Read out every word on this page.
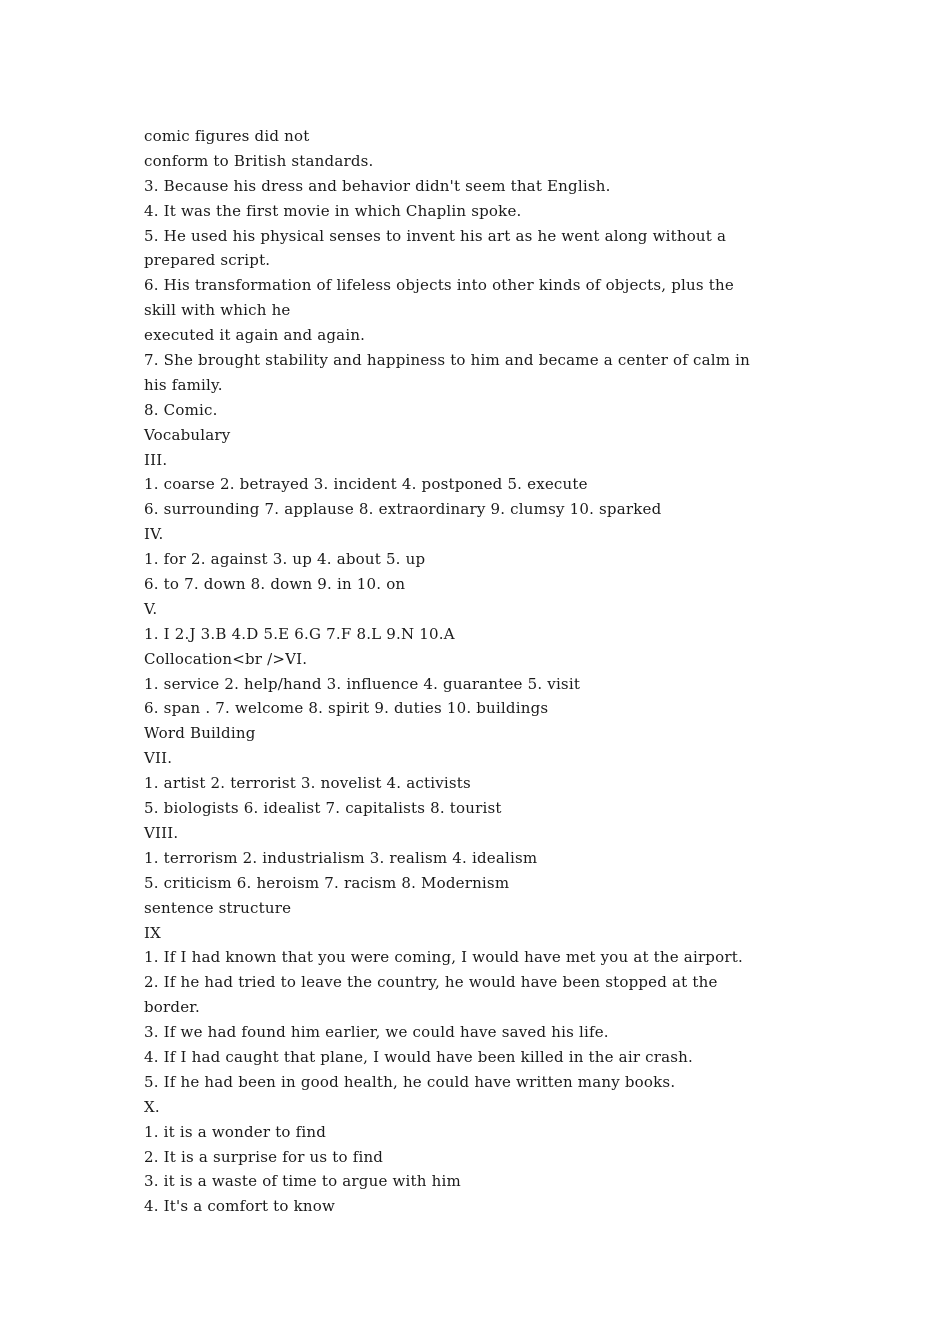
comic figures did not
conform to British standards.
3. Because his dress and behavior didn't seem that English.
4. It was the first movie in which Chaplin spoke.
5. He used his physical senses to invent his art as he went along without a
prepared script.
6. His transformation of lifeless objects into other kinds of objects, plus the
skill with which he
executed it again and again.
7. She brought stability and happiness to him and became a center of calm in
his family.
8. Comic.
Vocabulary
III.
1. coarse 2. betrayed 3. incident 4. postponed 5. execute
6. surrounding 7. applause 8. extraordinary 9. clumsy 10. sparked
IV.
1. for 2. against 3. up 4. about 5. up
6. to 7. down 8. down 9. in 10. on
V.
1. I 2.J 3.B 4.D 5.E 6.G 7.F 8.L 9.N 10.A
Collocation<br />VI.
1. service 2. help/hand 3. influence 4. guarantee 5. visit
6. span . 7. welcome 8. spirit 9. duties 10. buildings
Word Building
VII.
1. artist 2. terrorist 3. novelist 4. activists
5. biologists 6. idealist 7. capitalists 8. tourist
VIII.
1. terrorism 2. industrialism 3. realism 4. idealism
5. criticism 6. heroism 7. racism 8. Modernism
sentence structure
IX
1. If I had known that you were coming, I would have met you at the airport.
2. If he had tried to leave the country, he would have been stopped at the
border.
3. If we had found him earlier, we could have saved his life.
4. If I had caught that plane, I would have been killed in the air crash.
5. If he had been in good health, he could have written many books.
X.
1. it is a wonder to find
2. It is a surprise for us to find
3. it is a waste of time to argue with him
4. It's a comfort to know
